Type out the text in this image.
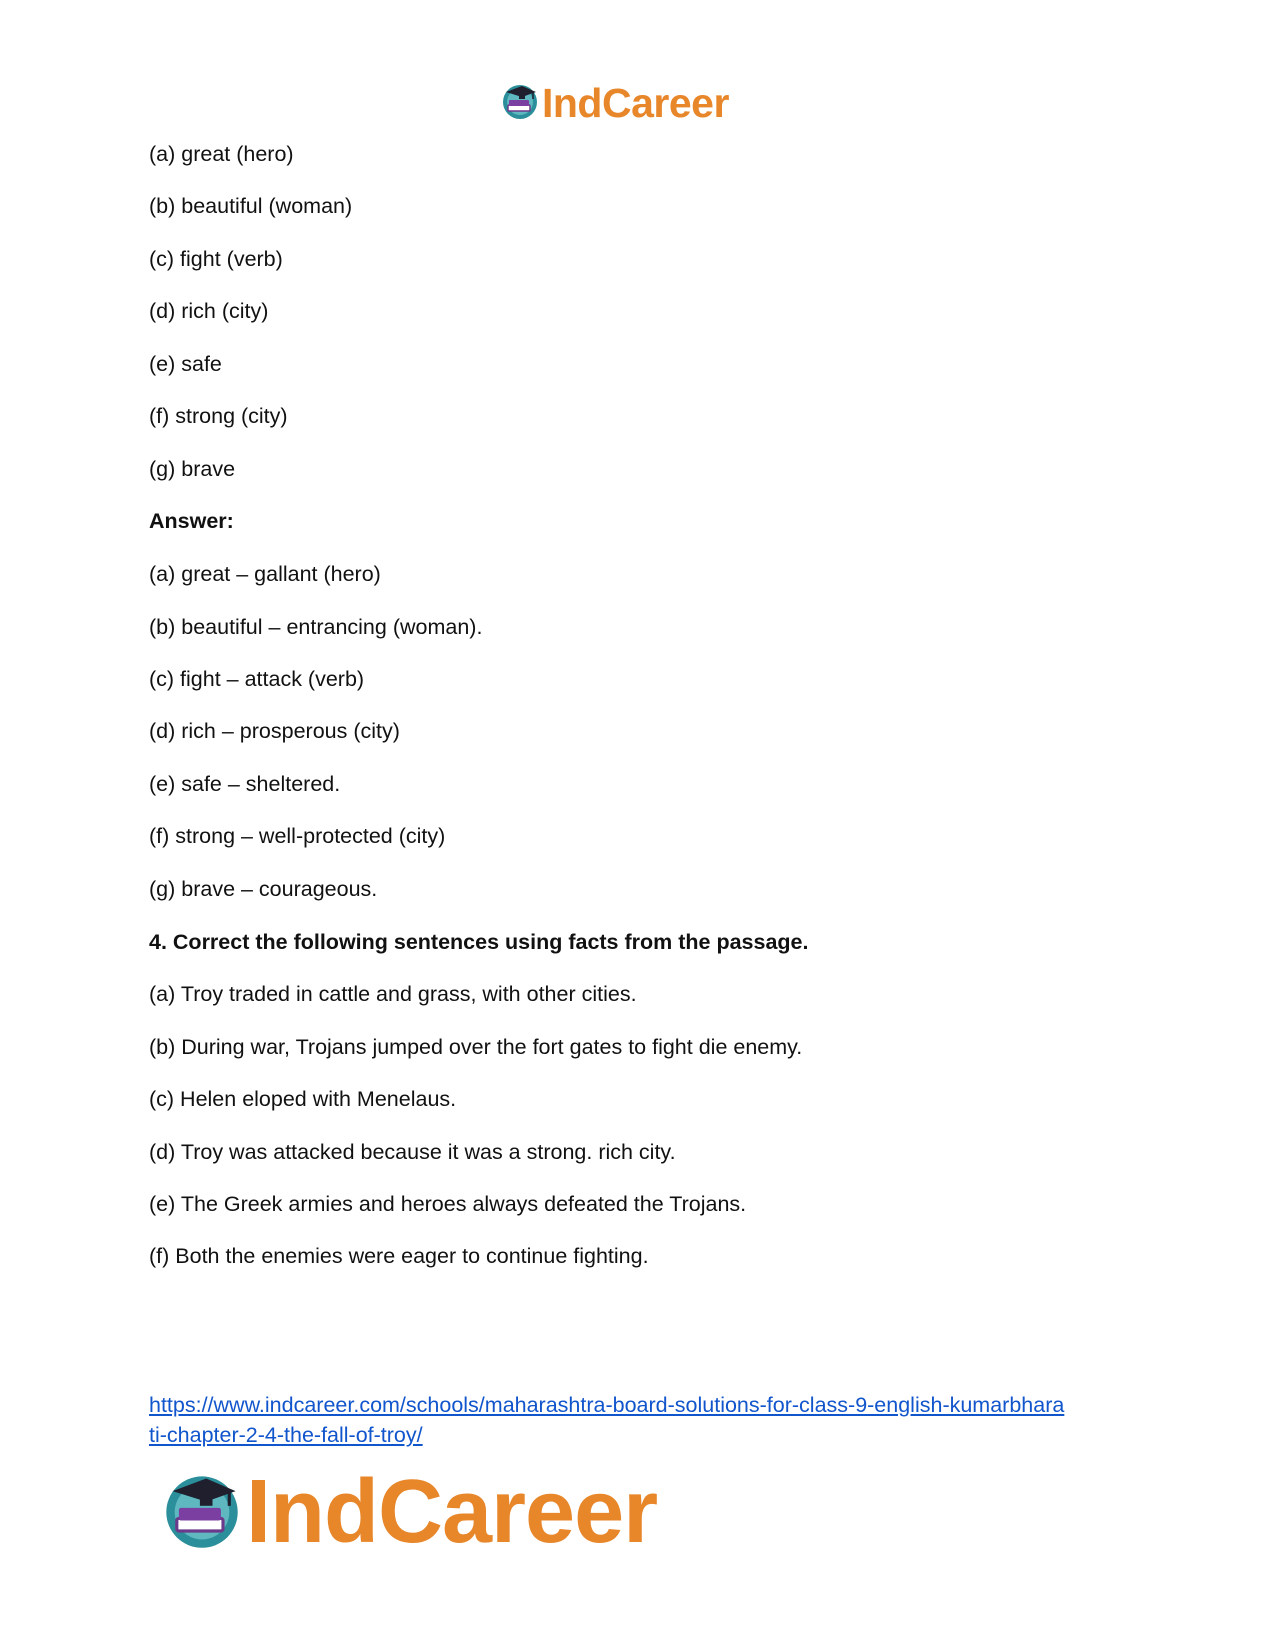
IndCareer
(a) great (hero)
(b) beautiful (woman)
(c) fight (verb)
(d) rich (city)
(e) safe
(f) strong (city)
(g) brave
Answer:
(a) great – gallant (hero)
(b) beautiful – entrancing (woman).
(c) fight – attack (verb)
(d) rich – prosperous (city)
(e) safe – sheltered.
(f) strong – well-protected (city)
(g) brave – courageous.
4. Correct the following sentences using facts from the passage.
(a) Troy traded in cattle and grass, with other cities.
(b) During war, Trojans jumped over the fort gates to fight die enemy.
(c) Helen eloped with Menelaus.
(d) Troy was attacked because it was a strong. rich city.
(e) The Greek armies and heroes always defeated the Trojans.
(f) Both the enemies were eager to continue fighting.
https://www.indcareer.com/schools/maharashtra-board-solutions-for-class-9-english-kumarbhara
ti-chapter-2-4-the-fall-of-troy/
IndCareer
